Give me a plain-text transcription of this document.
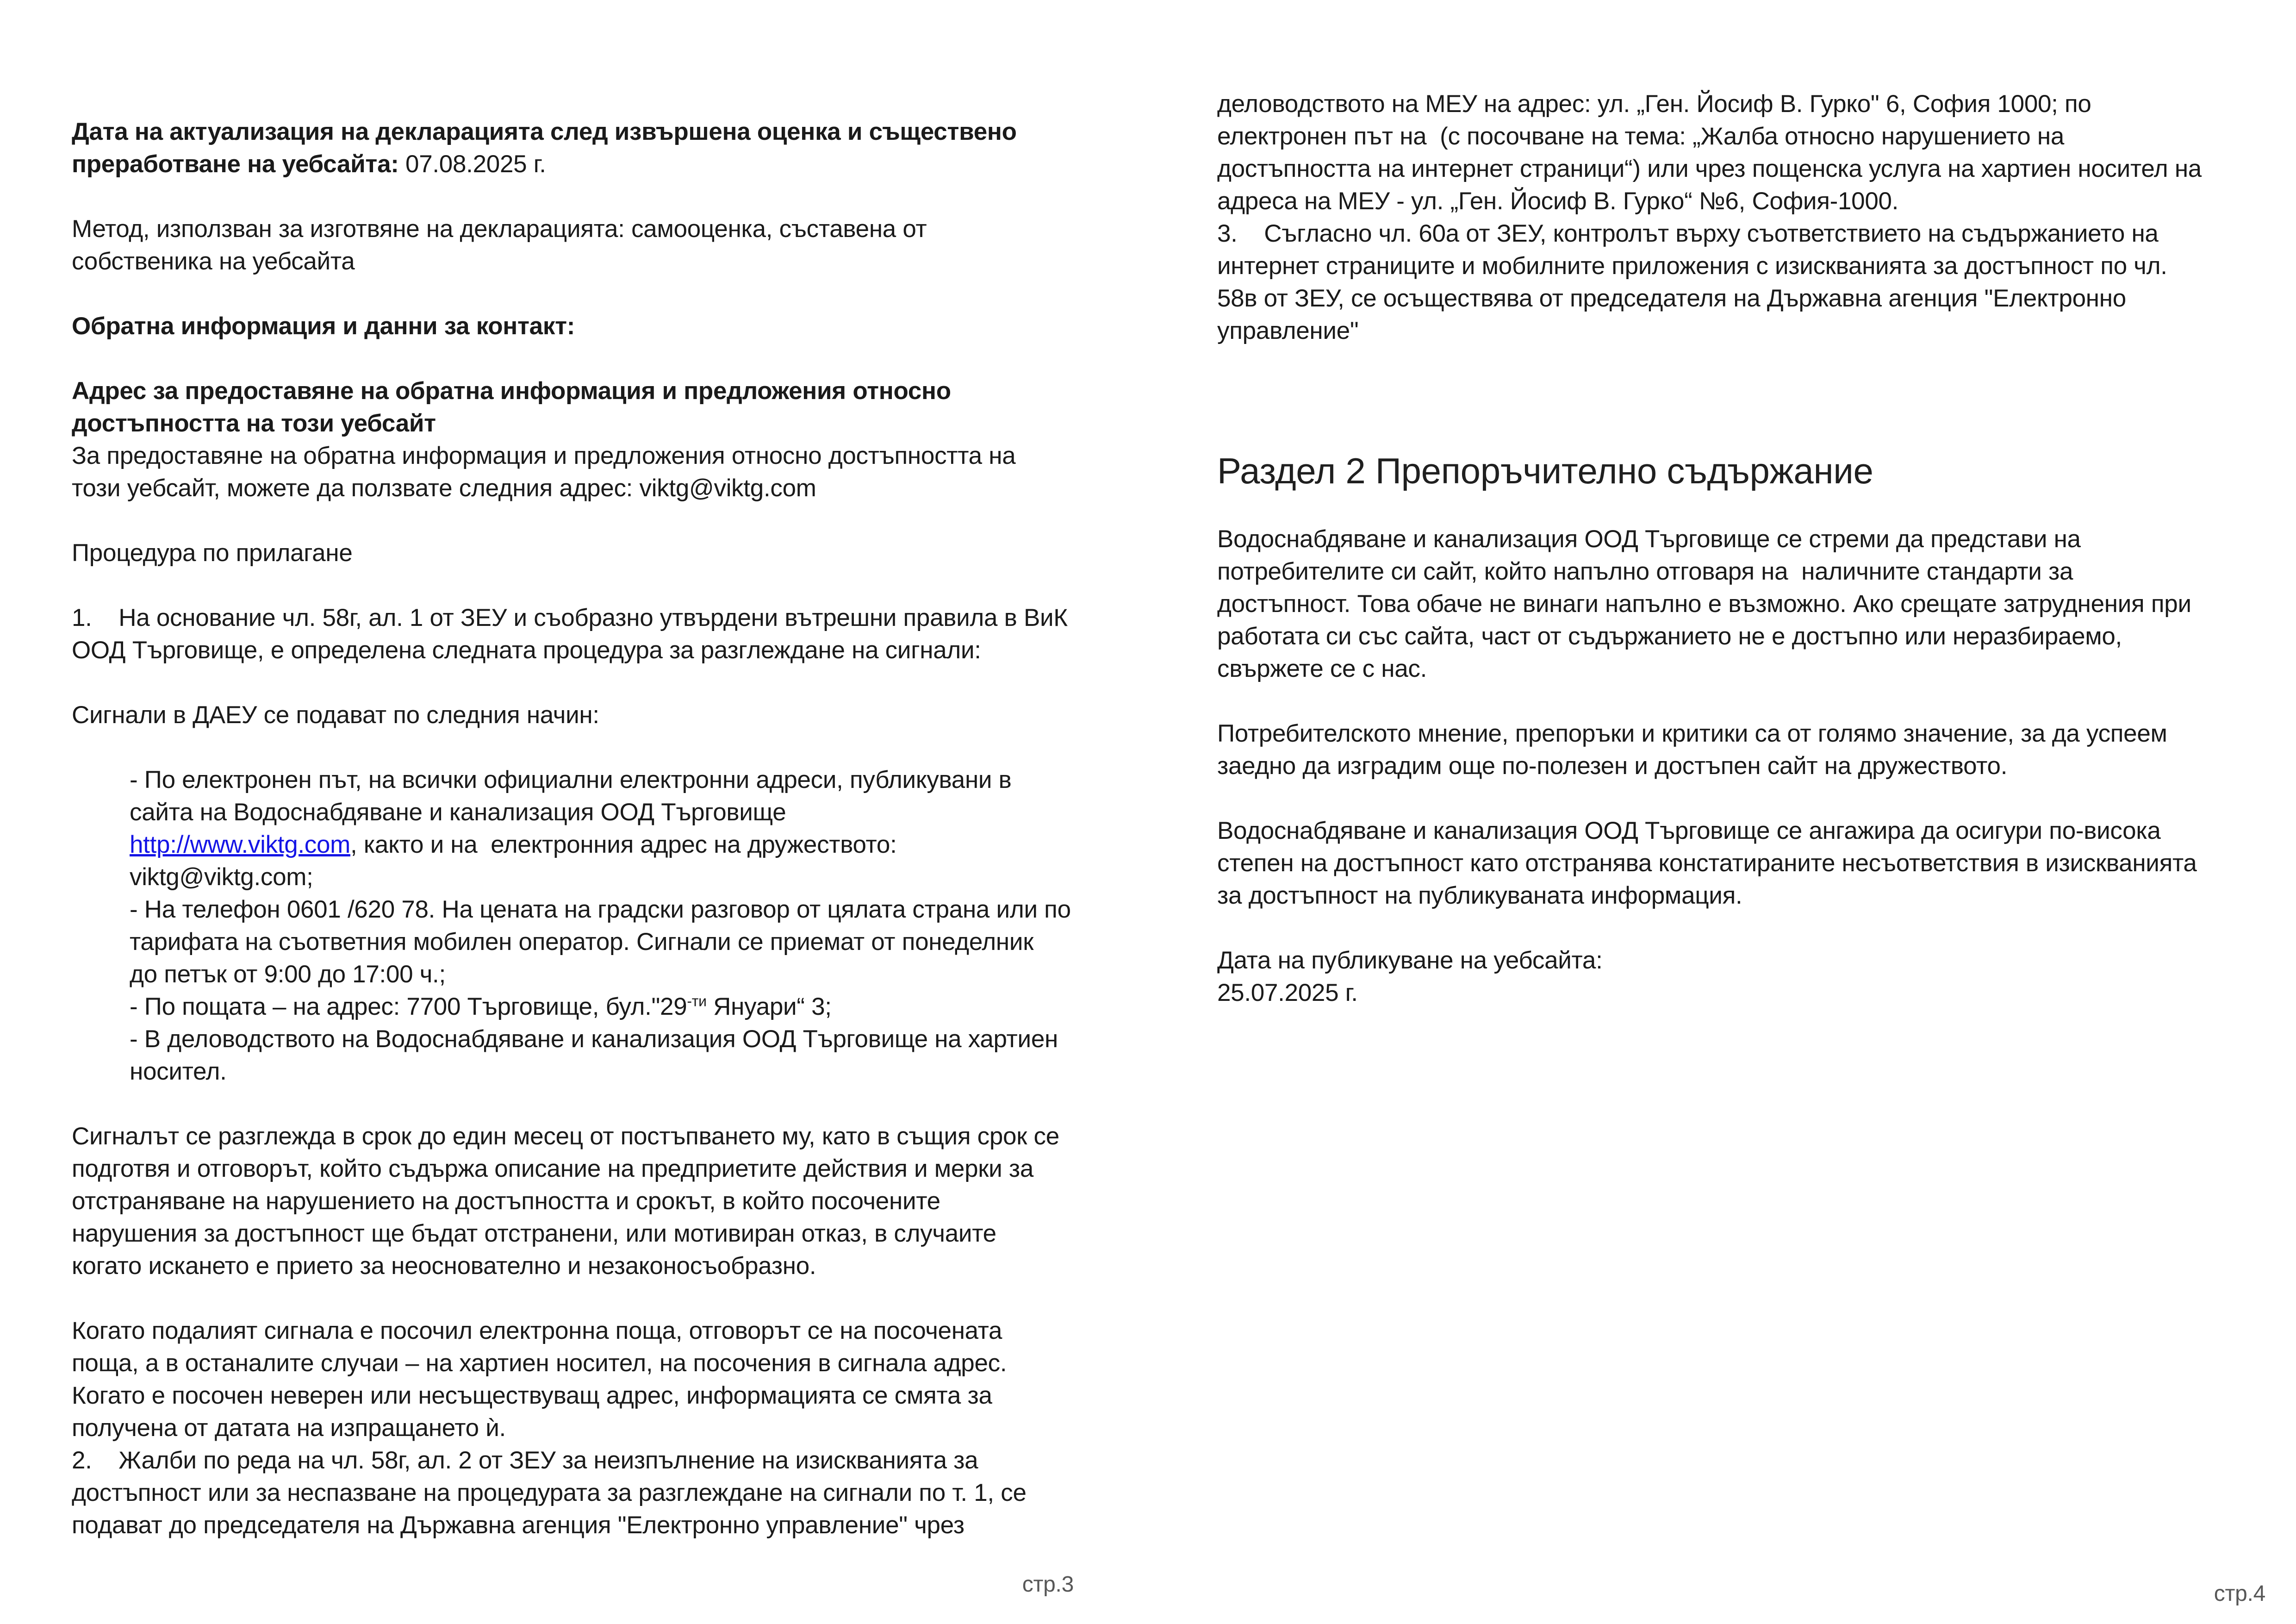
Дата на актуализация на декларацията след извършена оценка и съществено
преработване на уебсайта: 07.08.2025 г.
Метод, използван за изготвяне на декларацията: самооценка, съставена от
собственика на уебсайта
Обратна информация и данни за контакт:
Адрес за предоставяне на обратна информация и предложения относно
достъпността на този уебсайт
За предоставяне на обратна информация и предложения относно достъпността на
този уебсайт, можете да ползвате следния адрес: viktg@viktg.com
Процедура по прилагане
1.    На основание чл. 58г, ал. 1 от ЗЕУ и съобразно утвърдени вътрешни правила в ВиК
ООД Търговище, е определена следната процедура за разглеждане на сигнали:
Сигнали в ДАЕУ се подават по следния начин:
- По електронен път, на всички официални електронни адреси, публикувани в
сайта на Водоснабдяване и канализация ООД Търговище
http://www.viktg.com, както и на  електронния адрес на дружеството:
viktg@viktg.com;
- На телефон 0601 /620 78. На цената на градски разговор от цялата страна или по
тарифата на съответния мобилен оператор. Сигнали се приемат от понеделник
до петък от 9:00 до 17:00 ч.;
- По пощата – на адрес: 7700 Търговище, $бул."29^{-ти}$ Януари“ 3;
- В деловодството на Водоснабдяване и канализация ООД Търговище на хартиен
носител.
Сигналът се разглежда в срок до един месец от постъпването му, като в същия срок се
подготвя и отговорът, който съдържа описание на предприетите действия и мерки за
отстраняване на нарушението на достъпността и срокът, в който посочените
нарушения за достъпност ще бъдат отстранени, или мотивиран отказ, в случаите
когато искането е прието за неоснователно и незаконосъобразно.
Когато подалият сигнала е посочил електронна поща, отговорът се на посочената
поща, а в останалите случаи – на хартиен носител, на посочения в сигнала адрес.
Когато е посочен неверен или несъществуващ адрес, информацията се смята за
получена от датата на изпращането ѝ.
2.    Жалби по реда на чл. 58г, ал. 2 от ЗЕУ за неизпълнение на изискванията за
достъпност или за неспазване на процедурата за разглеждане на сигнали по т. 1, се
подават до председателя на Държавна агенция "Електронно управление" чрез
стр.3
деловодството на МЕУ на адрес: ул. „Ген. Йосиф В. Гурко" 6, София 1000; по
електронен път на  (с посочване на тема: „Жалба относно нарушението на
достъпността на интернет страници“) или чрез пощенска услуга на хартиен носител на
адреса на МЕУ - ул. „Ген. Йосиф В. Гурко“ №6, София-1000.
3.    Съгласно чл. 60а от ЗЕУ, контролът върху съответствието на съдържанието на
интернет страниците и мобилните приложения с изискванията за достъпност по чл.
58в от ЗЕУ, се осъществява от председателя на Държавна агенция "Електронно
управление"
Раздел 2 Препоръчително съдържание
Водоснабдяване и канализация ООД Търговище се стреми да представи на
потребителите си сайт, който напълно отговаря на  наличните стандарти за
достъпност. Това обаче не винаги напълно е възможно. Ако срещате затруднения при
работата си със сайта, част от съдържанието не е достъпно или неразбираемо,
свържете се с нас.
Потребителското мнение, препоръки и критики са от голямо значение, за да успеем
заедно да изградим още по-полезен и достъпен сайт на дружеството.
Водоснабдяване и канализация ООД Търговище се ангажира да осигури по-висока
степен на достъпност като отстранява констатираните несъответствия в изискванията
за достъпност на публикуваната информация.
Дата на публикуване на уебсайта:
25.07.2025 г.
стр.4
